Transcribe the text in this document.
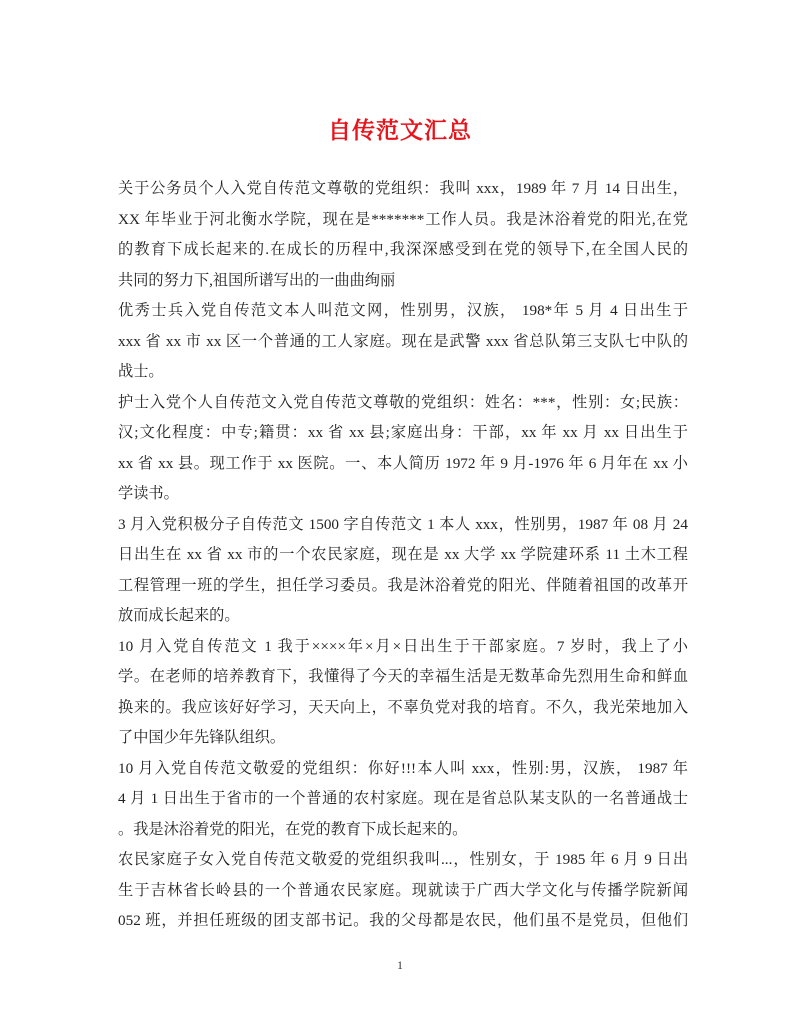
自传范文汇总
关于公务员个人入党自传范文尊敬的党组织：我叫 xxx，1989 年 7 月 14 日出生，
XX 年毕业于河北衡水学院，现在是*******工作人员。我是沐浴着党的阳光,在党
的教育下成长起来的.在成长的历程中,我深深感受到在党的领导下,在全国人民的
共同的努力下,祖国所谱写出的一曲曲绚丽
优秀士兵入党自传范文本人叫范文网，性别男，汉族， 198*年 5 月 4 日出生于
xxx 省 xx 市 xx 区一个普通的工人家庭。现在是武警 xxx 省总队第三支队七中队的
战士。
护士入党个人自传范文入党自传范文尊敬的党组织：姓名：***，性别：女;民族：
汉;文化程度：中专;籍贯：xx 省 xx 县;家庭出身：干部，xx 年 xx 月 xx 日出生于
xx 省 xx 县。现工作于 xx 医院。一、本人简历 1972 年 9 月-1976 年 6 月年在 xx 小
学读书。
3 月入党积极分子自传范文 1500 字自传范文 1 本人 xxx，性别男，1987 年 08 月 24
日出生在 xx 省 xx 市的一个农民家庭，现在是 xx 大学 xx 学院建环系 11 土木工程
工程管理一班的学生，担任学习委员。我是沐浴着党的阳光、伴随着祖国的改革开
放而成长起来的。
10 月入党自传范文 1 我于××××年×月×日出生于干部家庭。7 岁时，我上了小
学。在老师的培养教育下，我懂得了今天的幸福生活是无数革命先烈用生命和鲜血
换来的。我应该好好学习，天天向上，不辜负党对我的培育。不久，我光荣地加入
了中国少年先锋队组织。
10 月入党自传范文敬爱的党组织：你好!!!本人叫 xxx，性别:男，汉族， 1987 年
4 月 1 日出生于省市的一个普通的农村家庭。现在是省总队某支队的一名普通战士
。我是沐浴着党的阳光，在党的教育下成长起来的。
农民家庭子女入党自传范文敬爱的党组织我叫...，性别女，于 1985 年 6 月 9 日出
生于吉林省长岭县的一个普通农民家庭。现就读于广西大学文化与传播学院新闻
052 班，并担任班级的团支部书记。我的父母都是农民，他们虽不是党员，但他们
1
